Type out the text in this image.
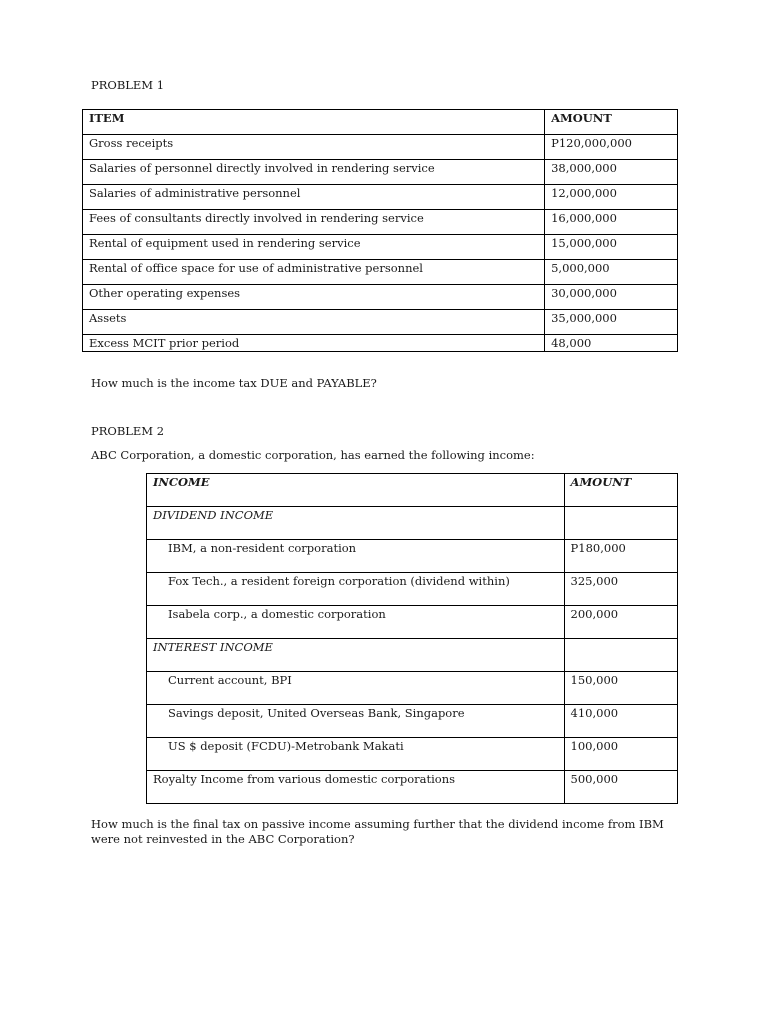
PROBLEM 1

ITEM	AMOUNT
Gross receipts	P120,000,000
Salaries of personnel directly involved in rendering service	38,000,000
Salaries of administrative personnel	12,000,000
Fees of consultants directly involved in rendering service	16,000,000
Rental of equipment used in rendering service	15,000,000
Rental of office space for use of administrative personnel	5,000,000
Other operating expenses	30,000,000
Assets	35,000,000
Excess MCIT prior period	48,000

How much is the income tax DUE and PAYABLE?

PROBLEM 2

ABC Corporation, a domestic corporation, has earned the following income:

INCOME	AMOUNT
DIVIDEND INCOME	
IBM, a non-resident corporation	P180,000
Fox Tech., a resident foreign corporation (dividend within)	325,000
Isabela corp., a domestic corporation	200,000
INTEREST INCOME	
Current account, BPI	150,000
Savings deposit, United Overseas Bank, Singapore	410,000
US $ deposit (FCDU)-Metrobank Makati	100,000
Royalty Income from various domestic corporations	500,000

How much is the final tax on passive income assuming further that the dividend income from IBM were not reinvested in the ABC Corporation?
